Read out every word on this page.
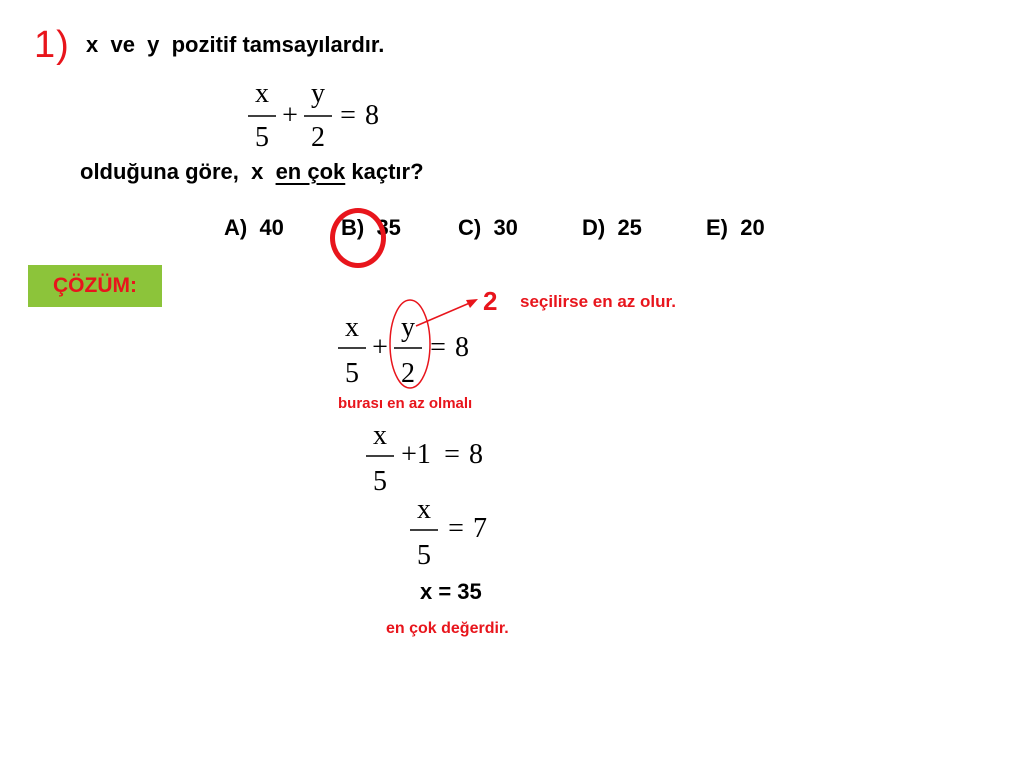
1) x  ve  y  pozitif tamsayılardır.
x
5
+
y
2
= 8
olduğuna göre,  x  en çok kaçtır?
A)  40	B)  35	C)  30	D)  25	E)  20
ÇÖZÜM:
x
5
+
y
2
= 8
2 seçilirse en az olur.
burası en az olmalı
x
5
+1 = 8
x
5
= 7
x = 35
en çok değerdir.
